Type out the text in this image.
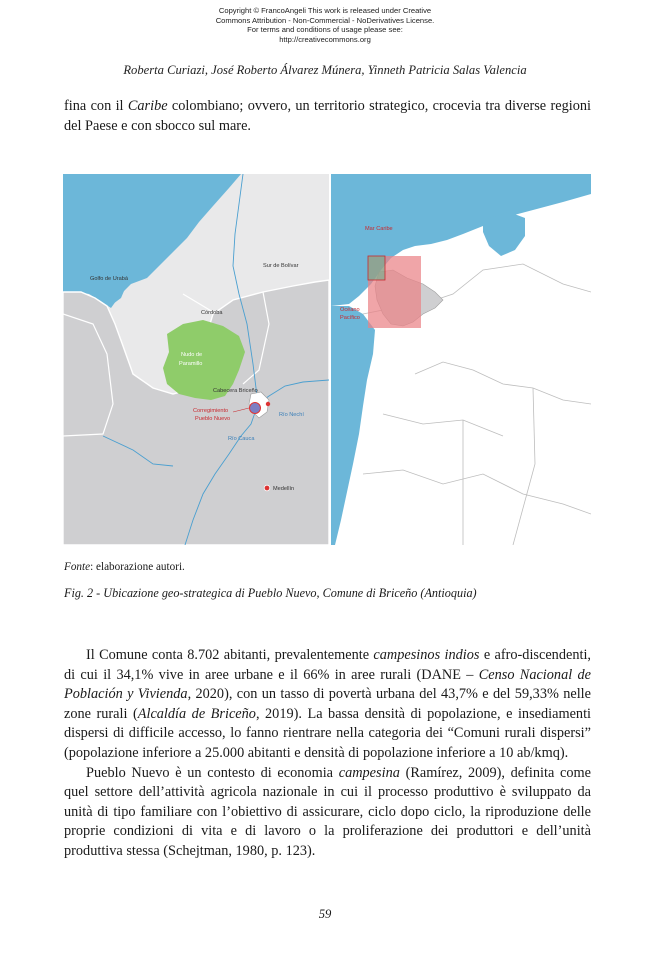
Copyright © FrancoAngeli This work is released under Creative
Commons Attribution - Non-Commercial - NoDerivatives License.
For terms and conditions of usage please see:
http://creativecommons.org
Roberta Curiazi, José Roberto Álvarez Múnera, Yinneth Patricia Salas Valencia

fina con il Caribe colombiano; ovvero, un territorio strategico, crocevia tra diverse regioni del Paese e con sbocco sul mare.

Golfo de Urabá
Sur de Bolívar
Córdoba
Nudo de
Paramillo
Cabecera Briceño
Corregimiento
Pueblo Nuevo
Río Nechí
Río Cauca
Medellín
Mar Caribe
Océano
Pacífico
Fonte: elaborazione autori.
Fig. 2 - Ubicazione geo-strategica di Pueblo Nuevo, Comune di Briceño (Antioquia)

Il Comune conta 8.702 abitanti, prevalentemente campesinos indios e afro-discendenti, di cui il 34,1% vive in aree urbane e il 66% in aree rurali (DANE – Censo Nacional de Población y Vivienda, 2020), con un tasso di povertà urbana del 43,7% e del 59,33% nelle zone rurali (Alcaldía de Briceño, 2019). La bassa densità di popolazione, e insediamenti dispersi di difficile accesso, lo fanno rientrare nella categoria dei “Comuni rurali dispersi” (popolazione inferiore a 25.000 abitanti e densità di popolazione inferiore a 10 ab/kmq).

Pueblo Nuevo è un contesto di economia campesina (Ramírez, 2009), definita come quel settore dell’attività agricola nazionale in cui il processo produttivo è sviluppato da unità di tipo familiare con l’obiettivo di assicurare, ciclo dopo ciclo, la riproduzione delle proprie condizioni di vita e di lavoro o la proliferazione dei produttori e dell’unità produttiva stessa (Schejtman, 1980, p. 123).

59
